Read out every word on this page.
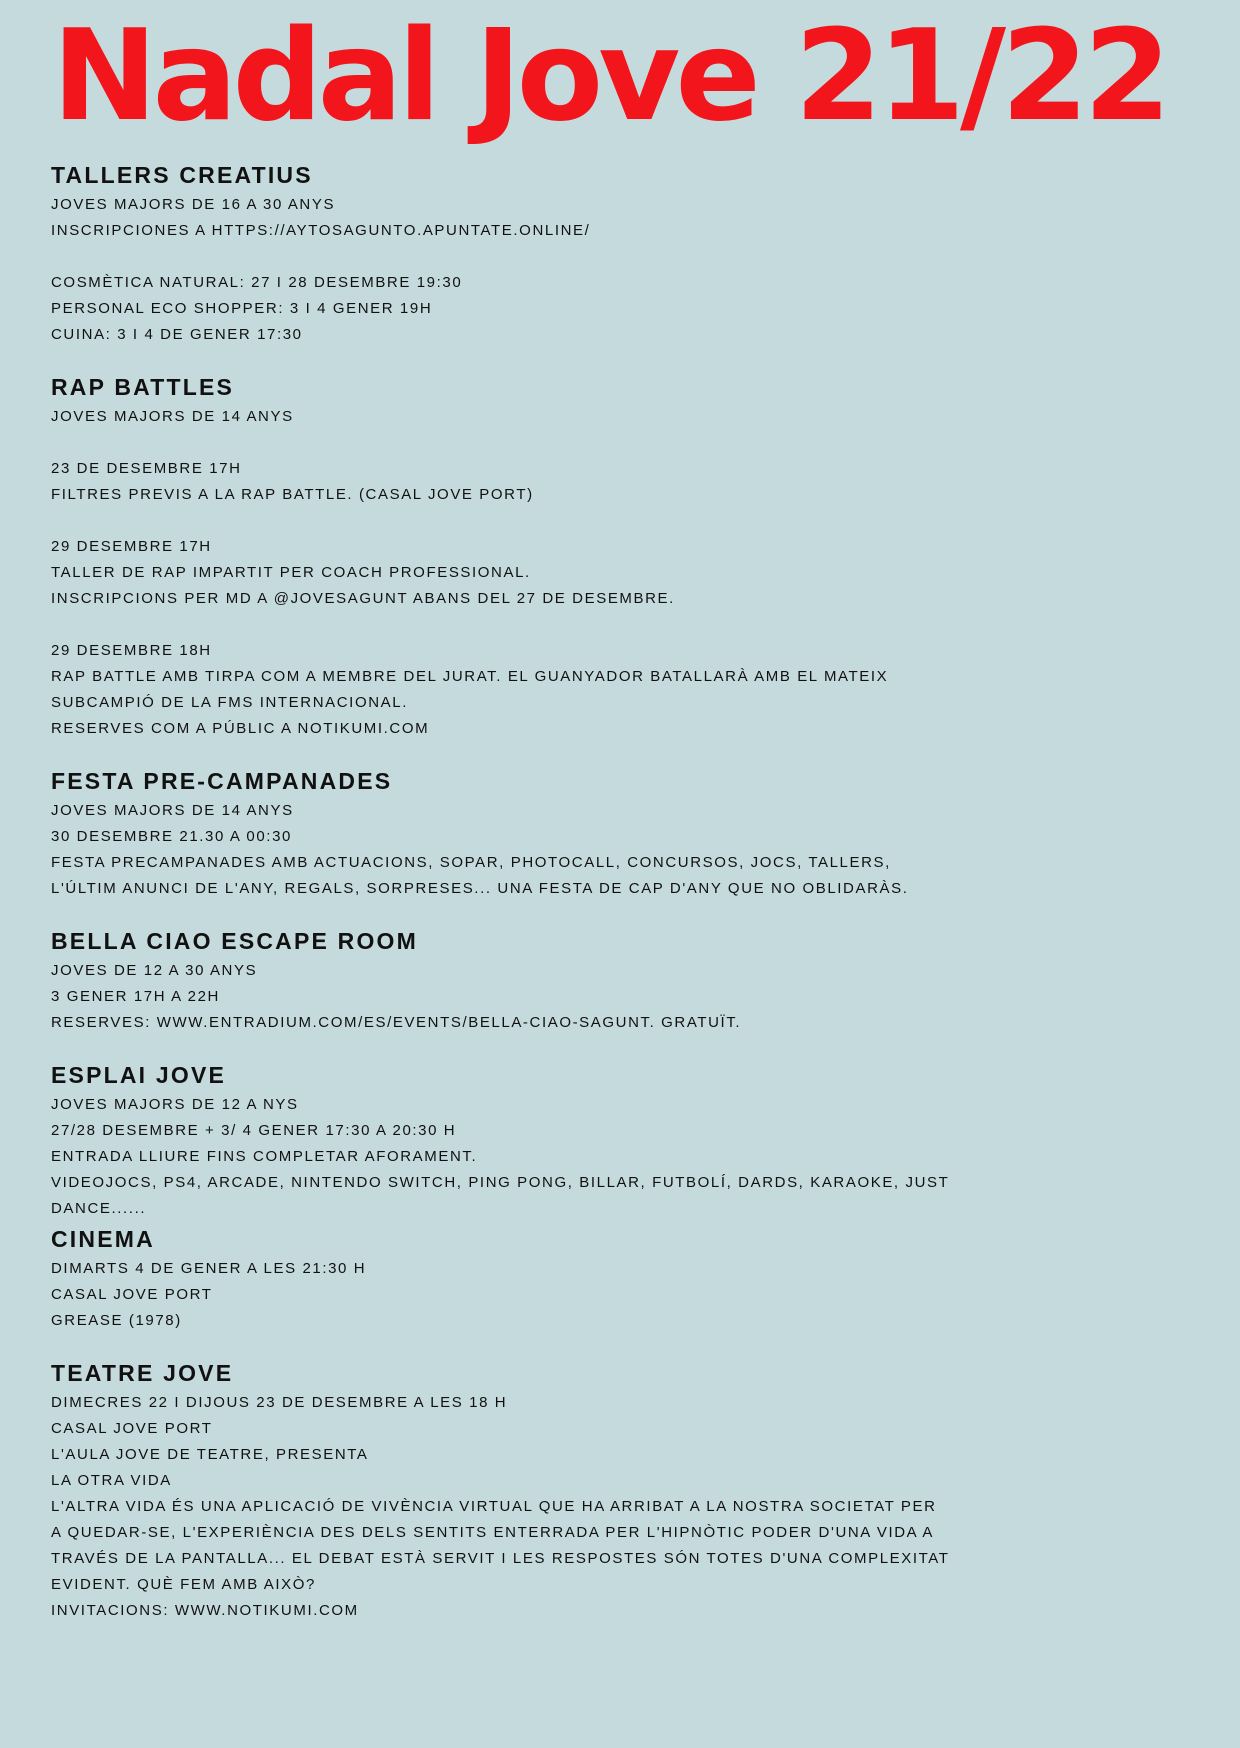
Nadal Jove 21/22
TALLERS CREATIUS
JOVES MAJORS DE 16 A 30 ANYS
INSCRIPCIONES A HTTPS://AYTOSAGUNTO.APUNTATE.ONLINE/
COSMÈTICA NATURAL: 27 I 28 DESEMBRE 19:30
PERSONAL ECO SHOPPER: 3 I 4 GENER 19H
CUINA: 3 I 4 DE GENER 17:30
RAP BATTLES
JOVES MAJORS DE 14 ANYS
23 DE DESEMBRE 17H
FILTRES PREVIS A LA RAP BATTLE. (CASAL JOVE PORT)
29 DESEMBRE 17H
TALLER DE RAP IMPARTIT PER COACH PROFESSIONAL.
INSCRIPCIONS PER MD A @JOVESAGUNT ABANS DEL 27 DE DESEMBRE.
29 DESEMBRE 18H
RAP BATTLE AMB TIRPA COM A MEMBRE DEL JURAT. EL GUANYADOR BATALLARÀ AMB EL MATEIX
SUBCAMPIÓ DE LA FMS INTERNACIONAL.
RESERVES COM A PÚBLIC A NOTIKUMI.COM
FESTA PRE-CAMPANADES
JOVES MAJORS DE 14 ANYS
30 DESEMBRE 21.30 A 00:30
FESTA PRECAMPANADES AMB ACTUACIONS, SOPAR, PHOTOCALL, CONCURSOS, JOCS, TALLERS,
L'ÚLTIM ANUNCI DE L'ANY, REGALS, SORPRESES... UNA FESTA DE CAP D'ANY QUE NO OBLIDARÀS.
BELLA CIAO ESCAPE ROOM
JOVES DE 12 A 30 ANYS
3 GENER 17H A 22H
RESERVES: WWW.ENTRADIUM.COM/ES/EVENTS/BELLA-CIAO-SAGUNT. GRATUÏT.
ESPLAI JOVE
JOVES MAJORS DE 12 A NYS
27/28 DESEMBRE + 3/ 4 GENER 17:30 A 20:30 H
ENTRADA LLIURE FINS COMPLETAR AFORAMENT.
VIDEOJOCS, PS4, ARCADE, NINTENDO SWITCH, PING PONG, BILLAR, FUTBOLÍ, DARDS, KARAOKE, JUST
DANCE......
CINEMA
DIMARTS 4 DE GENER A LES 21:30 H
CASAL JOVE PORT
GREASE (1978)
TEATRE JOVE
DIMECRES 22 I DIJOUS 23 DE DESEMBRE A LES 18 H
CASAL JOVE PORT
L'AULA JOVE DE TEATRE, PRESENTA
LA OTRA VIDA
L'ALTRA VIDA ÉS UNA APLICACIÓ DE VIVÈNCIA VIRTUAL QUE HA ARRIBAT A LA NOSTRA SOCIETAT PER
A QUEDAR-SE, L'EXPERIÈNCIA DES DELS SENTITS ENTERRADA PER L'HIPNÒTIC PODER D'UNA VIDA A
TRAVÉS DE LA PANTALLA... EL DEBAT ESTÀ SERVIT I LES RESPOSTES SÓN TOTES D'UNA COMPLEXITAT
EVIDENT. QUÈ FEM AMB AIXÒ?
INVITACIONS: WWW.NOTIKUMI.COM
